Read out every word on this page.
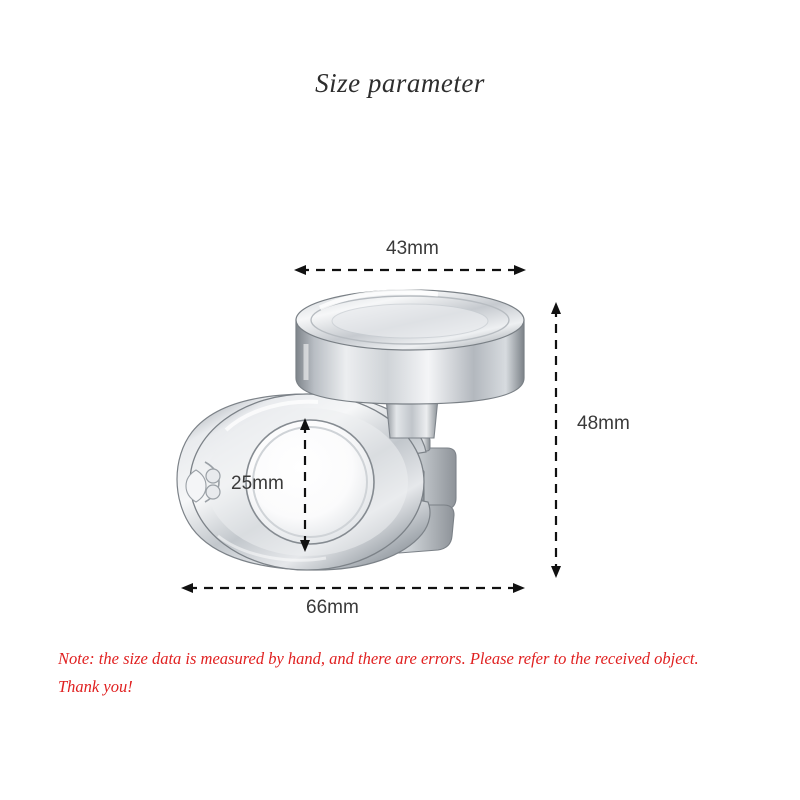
Size parameter
43mm
48mm
66mm
25mm
Note: the size data is measured by hand, and there are errors. Please refer to the received object.
Thank you!
